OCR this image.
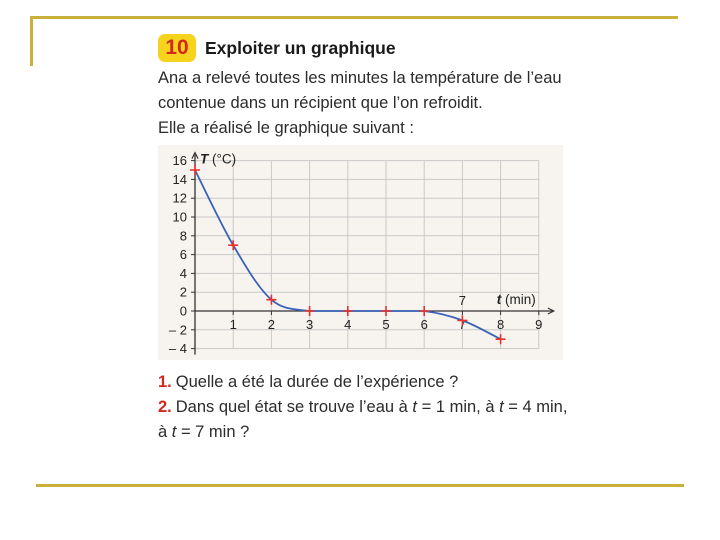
10 Exploiter un graphique
Ana a relevé toutes les minutes la température de l’eau
contenue dans un récipient que l’on refroidit.
Elle a réalisé le graphique suivant :
16
14
12
10
8
6
4
2
0
– 2
– 4
1 2 3 4 5 6 7 8 9
T (°C)
t (min)
7
1. Quelle a été la durée de l’expérience ?
2. Dans quel état se trouve l’eau à t = 1 min, à t = 4 min,
à t = 7 min ?
